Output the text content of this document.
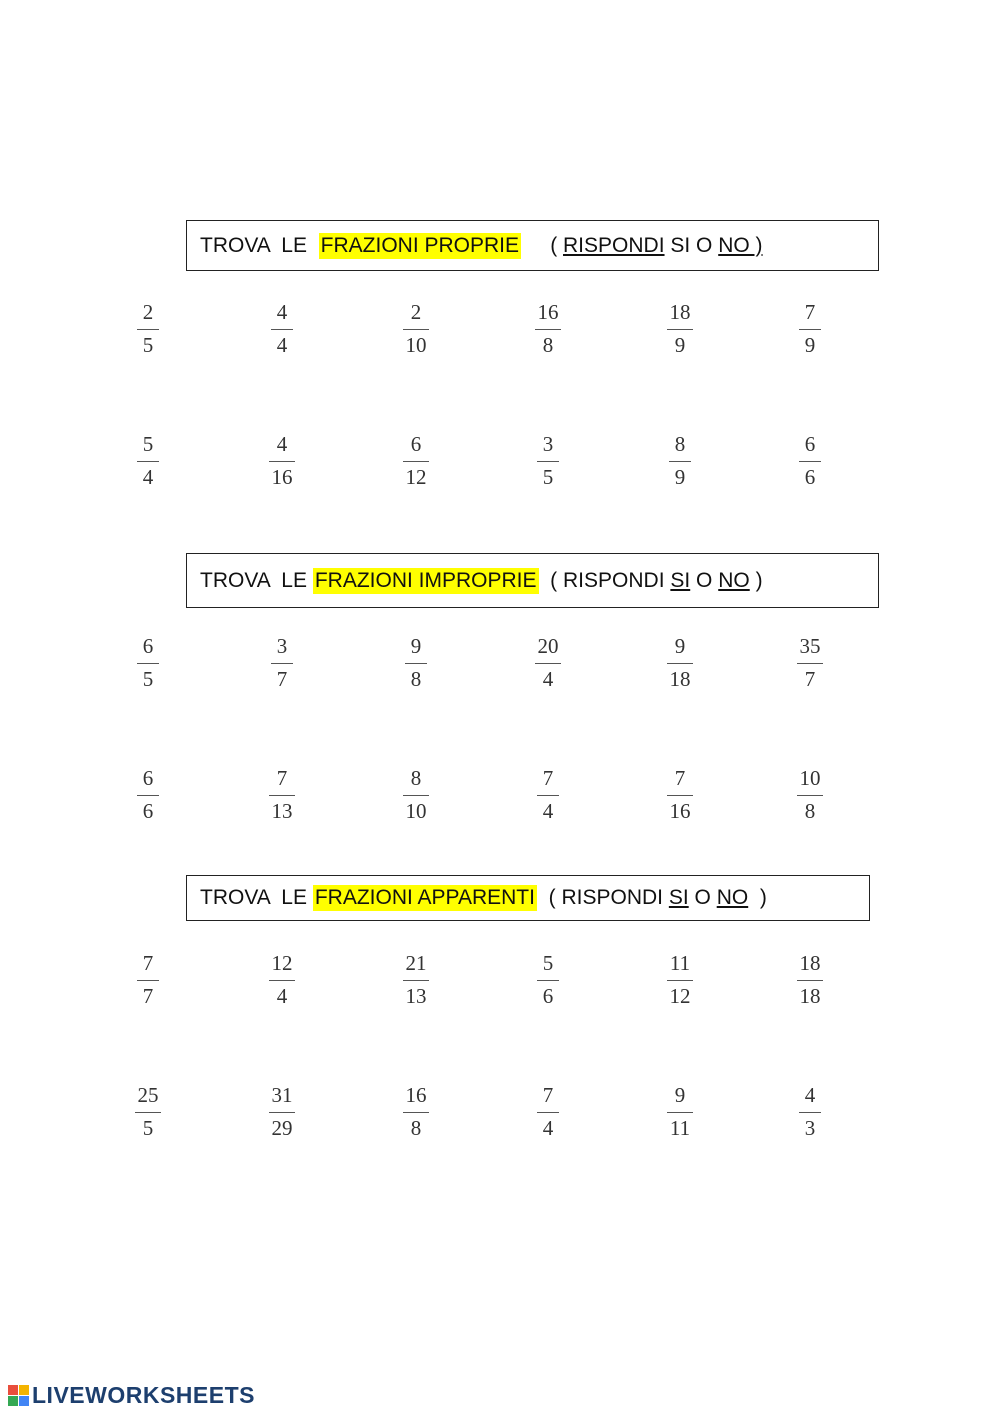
TROVA  LE FRAZIONI PROPRIE ( RISPONDI SI O NO )
TROVA  LE FRAZIONI IMPROPRIE ( RISPONDI SI O NO )
TROVA  LE FRAZIONI APPARENTI ( RISPONDI SI O NO )
2
5
4
4
2
10
16
8
18
9
7
9
5
4
4
16
6
12
3
5
8
9
6
6
6
5
3
7
9
8
20
4
9
18
35
7
6
6
7
13
8
10
7
4
7
16
10
8
7
7
12
4
21
13
5
6
11
12
18
18
25
5
31
29
16
8
7
4
9
11
4
3
LIVEWORKSHEETS
